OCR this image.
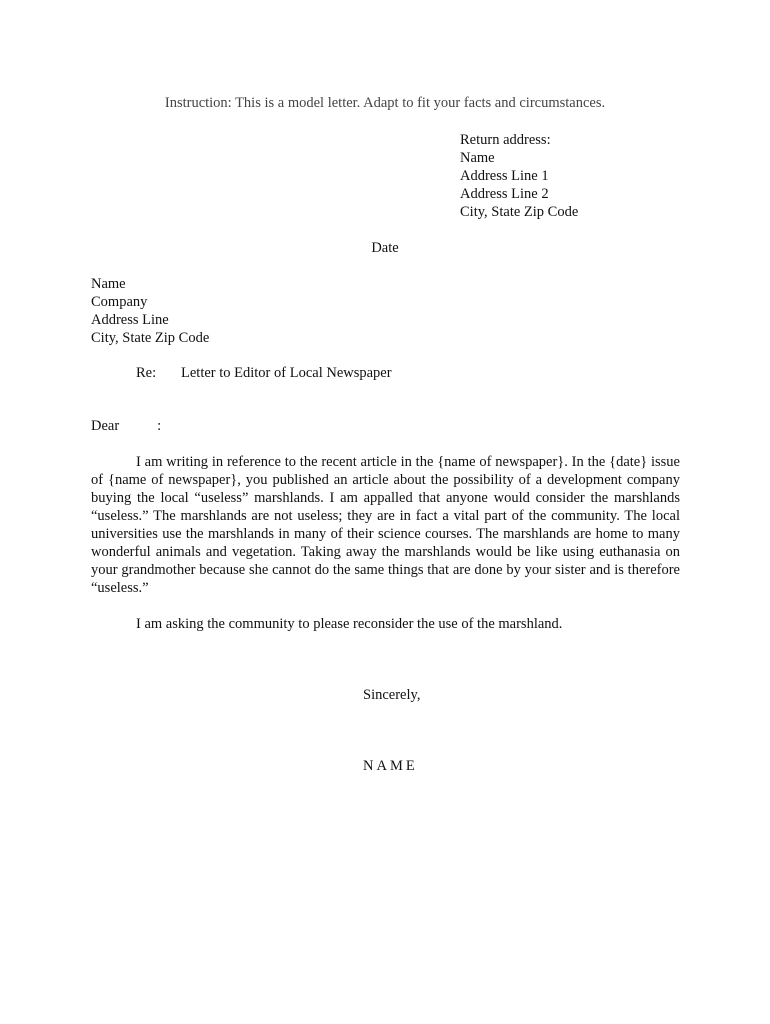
Instruction: This is a model letter. Adapt to fit your facts and circumstances.
Return address:
Name
Address Line 1
Address Line 2
City, State Zip Code
Date
Name
Company
Address Line
City, State Zip Code
Re: Letter to Editor of Local Newspaper
Dear	:

I am writing in reference to the recent article in the {name of newspaper}. In the {date} issue of {name of newspaper}, you published an article about the possibility of a development company buying the local “useless” marshlands. I am appalled that anyone would consider the marshlands “useless.” The marshlands are not useless; they are in fact a vital part of the community. The local universities use the marshlands in many of their science courses. The marshlands are home to many wonderful animals and vegetation. Taking away the marshlands would be like using euthanasia on your grandmother because she cannot do the same things that are done by your sister and is therefore “useless.”

I am asking the community to please reconsider the use of the marshland.

Sincerely,
NAME
